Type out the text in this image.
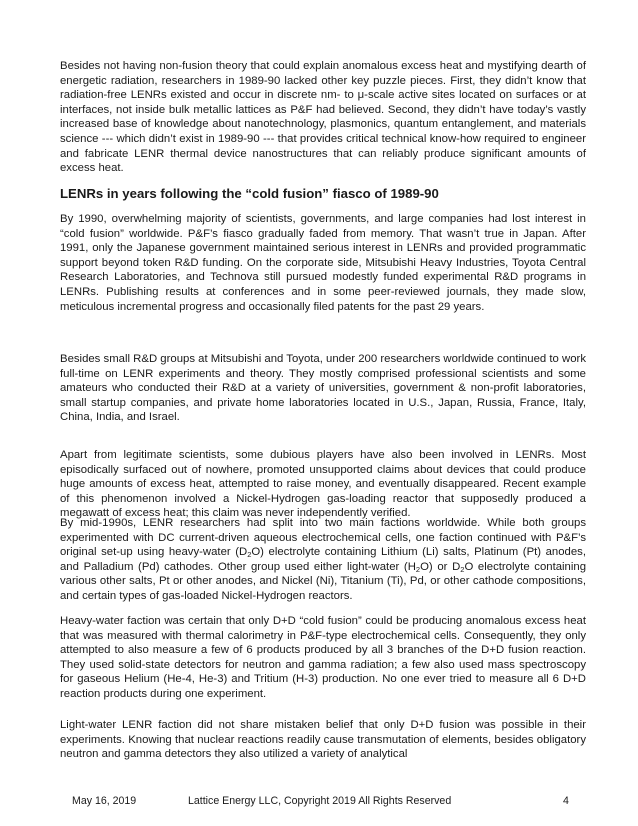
Besides not having non-fusion theory that could explain anomalous excess heat and mystifying dearth of energetic radiation, researchers in 1989-90 lacked other key puzzle pieces. First, they didn’t know that radiation-free LENRs existed and occur in discrete nm- to μ-scale active sites located on surfaces or at interfaces, not inside bulk metallic lattices as P&F had believed. Second, they didn’t have today’s vastly increased base of knowledge about nanotechnology, plasmonics, quantum entanglement, and materials science --- which didn’t exist in 1989-90 --- that provides critical technical know-how required to engineer and fabricate LENR thermal device nanostructures that can reliably produce significant amounts of excess heat.

LENRs in years following the “cold fusion” fiasco of 1989-90

By 1990, overwhelming majority of scientists, governments, and large companies had lost interest in “cold fusion” worldwide. P&F’s fiasco gradually faded from memory. That wasn’t true in Japan. After 1991, only the Japanese government maintained serious interest in LENRs and provided programmatic support beyond token R&D funding. On the corporate side, Mitsubishi Heavy Industries, Toyota Central Research Laboratories, and Technova still pursued modestly funded experimental R&D programs in LENRs. Publishing results at conferences and in some peer-reviewed journals, they made slow, meticulous incremental progress and occasionally filed patents for the past 29 years.

Besides small R&D groups at Mitsubishi and Toyota, under 200 researchers worldwide continued to work full-time on LENR experiments and theory. They mostly comprised professional scientists and some amateurs who conducted their R&D at a variety of universities, government & non-profit laboratories, small startup companies, and private home laboratories located in U.S., Japan, Russia, France, Italy, China, India, and Israel.

Apart from legitimate scientists, some dubious players have also been involved in LENRs. Most episodically surfaced out of nowhere, promoted unsupported claims about devices that could produce huge amounts of excess heat, attempted to raise money, and eventually disappeared. Recent example of this phenomenon involved a Nickel-Hydrogen gas-loading reactor that supposedly produced a megawatt of excess heat; this claim was never independently verified.

By mid-1990s, LENR researchers had split into two main factions worldwide. While both groups experimented with DC current-driven aqueous electrochemical cells, one faction continued with P&F’s original set-up using heavy-water $(D_2O)$ electrolyte containing Lithium (Li) salts, Platinum (Pt) anodes, and Palladium (Pd) cathodes. Other group used either light-water $(H_2O)$ or $D_2O$ electrolyte containing various other salts, Pt or other anodes, and Nickel (Ni), Titanium (Ti), Pd, or other cathode compositions, and certain types of gas-loaded Nickel-Hydrogen reactors.

Heavy-water faction was certain that only D+D “cold fusion” could be producing anomalous excess heat that was measured with thermal calorimetry in P&F-type electrochemical cells. Consequently, they only attempted to also measure a few of 6 products produced by all 3 branches of the D+D fusion reaction. They used solid-state detectors for neutron and gamma radiation; a few also used mass spectroscopy for gaseous Helium (He-4, He-3) and Tritium (H-3) production. No one ever tried to measure all 6 D+D reaction products during one experiment.

Light-water LENR faction did not share mistaken belief that only D+D fusion was possible in their experiments. Knowing that nuclear reactions readily cause transmutation of elements, besides obligatory neutron and gamma detectors they also utilized a variety of analytical

May 16, 2019	Lattice Energy LLC, Copyright 2019 All Rights Reserved	4
